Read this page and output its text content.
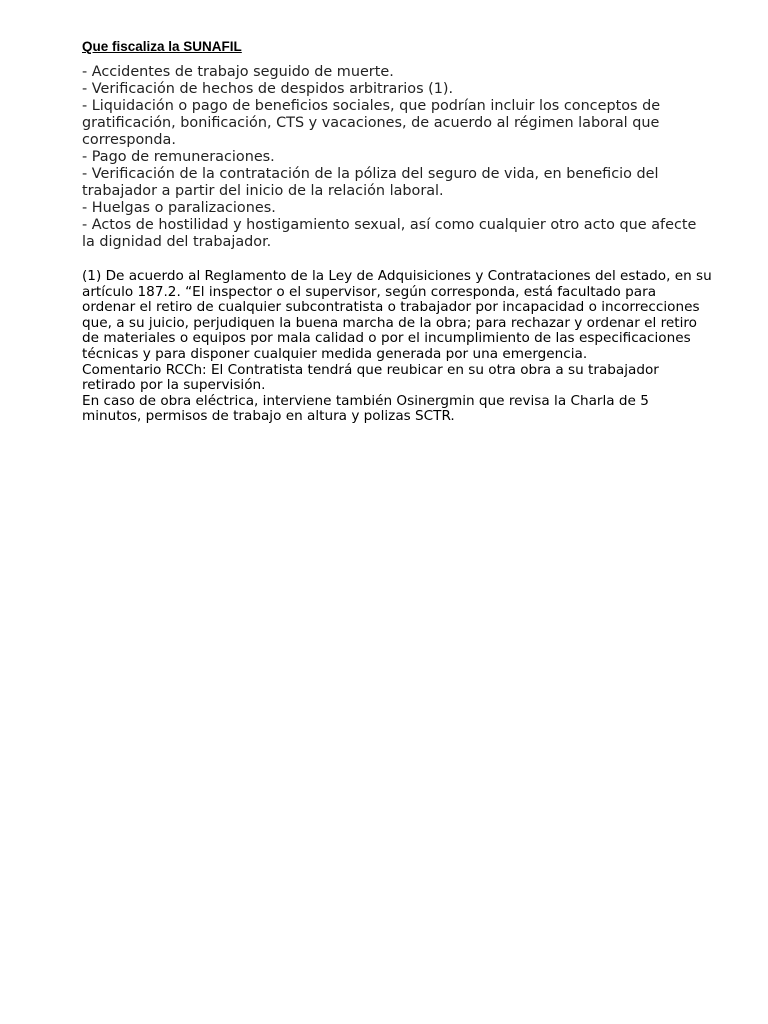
Que fiscaliza la SUNAFIL
- Accidentes de trabajo seguido de muerte.
- Verificación de hechos de despidos arbitrarios (1).
- Liquidación o pago de beneficios sociales, que podrían incluir los conceptos de gratificación, bonificación, CTS y vacaciones, de acuerdo al régimen laboral que corresponda.
- Pago de remuneraciones.
- Verificación de la contratación de la póliza del seguro de vida, en beneficio del trabajador a partir del inicio de la relación laboral.
- Huelgas o paralizaciones.
- Actos de hostilidad y hostigamiento sexual, así como cualquier otro acto que afecte la dignidad del trabajador.

(1) De acuerdo al Reglamento de la Ley de Adquisiciones y Contrataciones del estado, en su artículo 187.2. “El inspector o el supervisor, según corresponda, está facultado para ordenar el retiro de cualquier subcontratista o trabajador por incapacidad o incorrecciones que, a su juicio, perjudiquen la buena marcha de la obra; para rechazar y ordenar el retiro de materiales o equipos por mala calidad o por el incumplimiento de las especificaciones técnicas y para disponer cualquier medida generada por una emergencia.

Comentario RCCh: El Contratista tendrá que reubicar en su otra obra a su trabajador retirado por la supervisión.

En caso de obra eléctrica, interviene también Osinergmin que revisa la Charla de 5 minutos, permisos de trabajo en altura y polizas SCTR.
